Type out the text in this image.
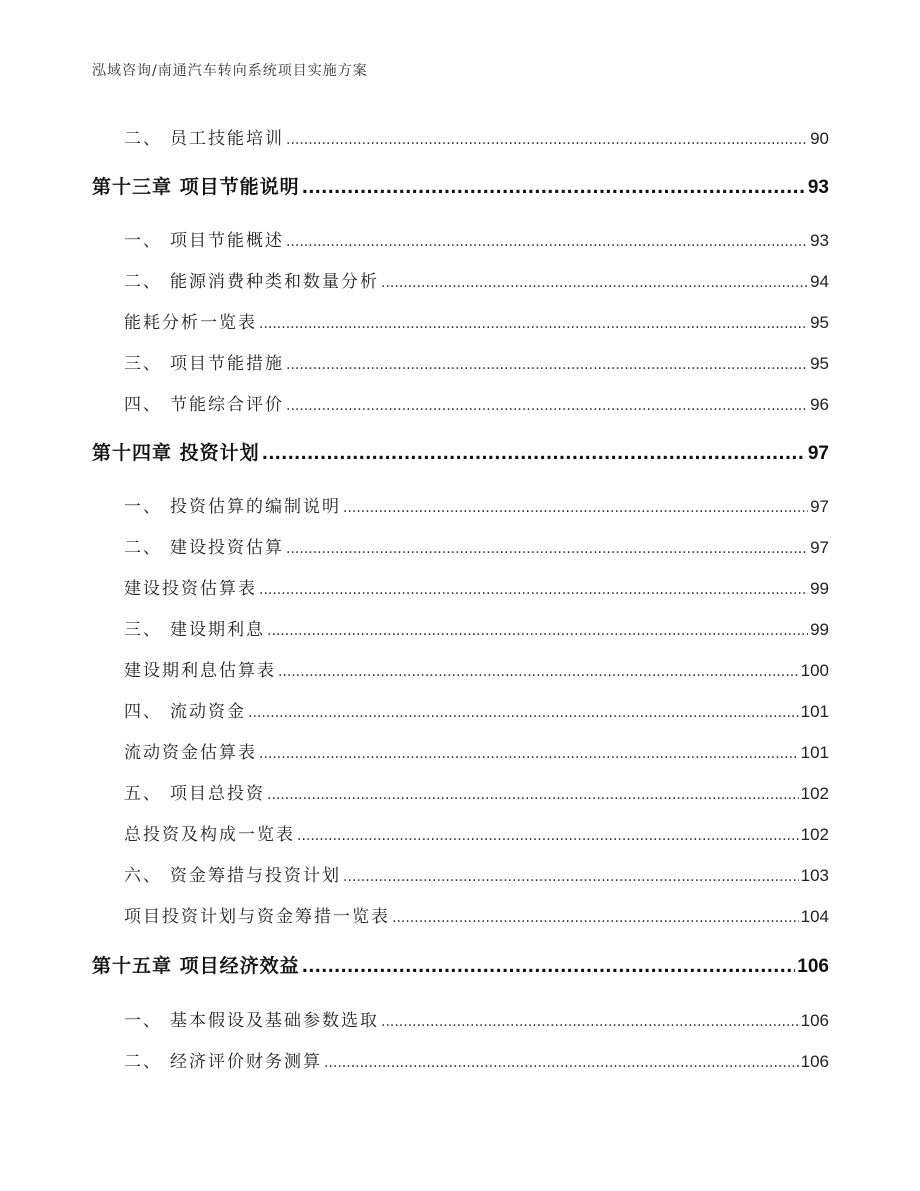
泓域咨询/南通汽车转向系统项目实施方案
二、 员工技能培训 .....	90
第十三章 项目节能说明 .....	93
一、 项目节能概述 .....	93
二、 能源消费种类和数量分析 .....	94
能耗分析一览表 .....	95
三、 项目节能措施 .....	95
四、 节能综合评价 .....	96
第十四章 投资计划 .....	97
一、 投资估算的编制说明 .....	97
二、 建设投资估算 .....	97
建设投资估算表 .....	99
三、 建设期利息 .....	99
建设期利息估算表 .....	100
四、 流动资金 .....	101
流动资金估算表 .....	101
五、 项目总投资 .....	102
总投资及构成一览表 .....	102
六、 资金筹措与投资计划 .....	103
项目投资计划与资金筹措一览表 .....	104
第十五章 项目经济效益 .....	106
一、 基本假设及基础参数选取 .....	106
二、 经济评价财务测算 .....	106
